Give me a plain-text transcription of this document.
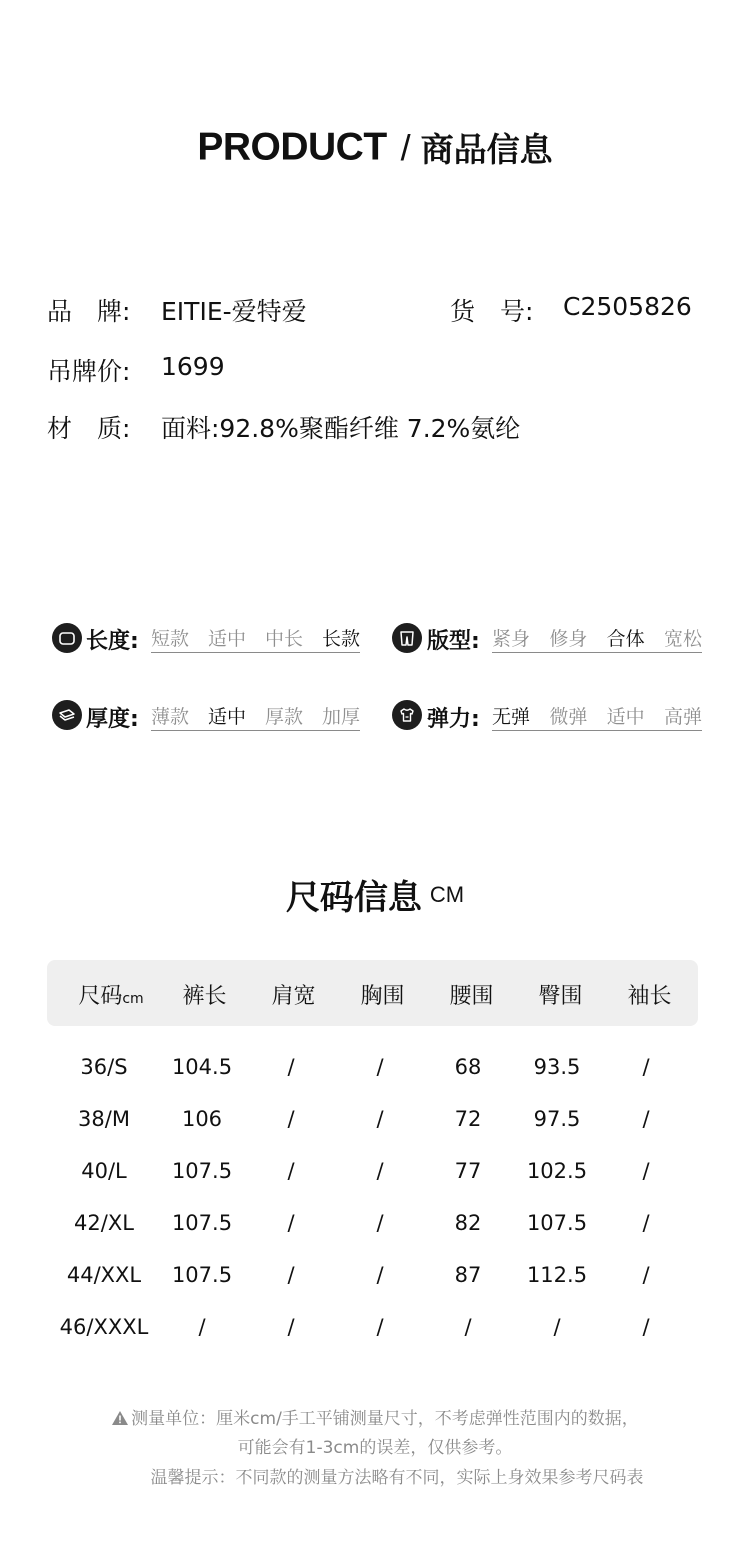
PRODUCT / 商品信息
品　牌: EITIE-爱特爱	货　号: C2505826
吊牌价: 1699
材　质: 面料:92.8%聚酯纤维 7.2%氨纶
长度: 短款 适中 中长 长款	版型: 紧身 修身 合体 宽松
厚度: 薄款 适中 厚款 加厚	弹力: 无弹 微弹 适中 高弹
尺码信息 CM
尺码cm	裤长	肩宽	胸围	腰围	臀围	袖长
36/S	104.5	/	/	68	93.5	/
38/M	106	/	/	72	97.5	/
40/L	107.5	/	/	77	102.5	/
42/XL	107.5	/	/	82	107.5	/
44/XXL	107.5	/	/	87	112.5	/
46/XXXL	/	/	/	/	/	/
测量单位：厘米cm/手工平铺测量尺寸，不考虑弹性范围内的数据，
可能会有1-3cm的误差，仅供参考。
温馨提示：不同款的测量方法略有不同，实际上身效果参考尺码表
